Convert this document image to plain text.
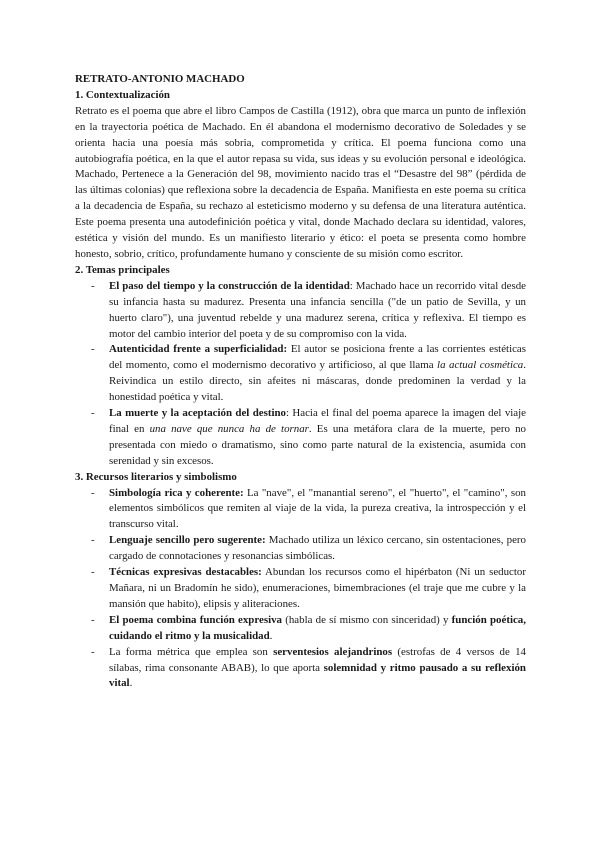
RETRATO-ANTONIO MACHADO

1. Contextualización

Retrato es el poema que abre el libro Campos de Castilla (1912), obra que marca un punto de inflexión en la trayectoria poética de Machado. En él abandona el modernismo decorativo de Soledades y se orienta hacia una poesía más sobria, comprometida y crítica. El poema funciona como una autobiografía poética, en la que el autor repasa su vida, sus ideas y su evolución personal e ideológica. Machado, Pertenece a la Generación del 98, movimiento nacido tras el “Desastre del 98” (pérdida de las últimas colonias) que reflexiona sobre la decadencia de España. Manifiesta en este poema su crítica a la decadencia de España, su rechazo al esteticismo moderno y su defensa de una literatura auténtica. Este poema presenta una autodefinición poética y vital, donde Machado declara su identidad, valores, estética y visión del mundo. Es un manifiesto literario y ético: el poeta se presenta como hombre honesto, sobrio, crítico, profundamente humano y consciente de su misión como escritor.

2. Temas principales

- El paso del tiempo y la construcción de la identidad: Machado hace un recorrido vital desde su infancia hasta su madurez. Presenta una infancia sencilla ("de un patio de Sevilla, y un huerto claro"), una juventud rebelde y una madurez serena, crítica y reflexiva. El tiempo es motor del cambio interior del poeta y de su compromiso con la vida.
- Autenticidad frente a superficialidad: El autor se posiciona frente a las corrientes estéticas del momento, como el modernismo decorativo y artificioso, al que llama la actual cosmética. Reivindica un estilo directo, sin afeites ni máscaras, donde predominen la verdad y la honestidad poética y vital.
- La muerte y la aceptación del destino: Hacia el final del poema aparece la imagen del viaje final en una nave que nunca ha de tornar. Es una metáfora clara de la muerte, pero no presentada con miedo o dramatismo, sino como parte natural de la existencia, asumida con serenidad y sin excesos.

3. Recursos literarios y simbolismo

- Simbología rica y coherente: La "nave", el "manantial sereno", el "huerto", el "camino", son elementos simbólicos que remiten al viaje de la vida, la pureza creativa, la introspección y el transcurso vital.
- Lenguaje sencillo pero sugerente: Machado utiliza un léxico cercano, sin ostentaciones, pero cargado de connotaciones y resonancias simbólicas.
- Técnicas expresivas destacables: Abundan los recursos como el hipérbaton (Ni un seductor Mañara, ni un Bradomín he sido), enumeraciones, bimembraciones (el traje que me cubre y la mansión que habito), elipsis y aliteraciones.
- El poema combina función expresiva (habla de sí mismo con sinceridad) y función poética, cuidando el ritmo y la musicalidad.
- La forma métrica que emplea son serventesios alejandrinos (estrofas de 4 versos de 14 sílabas, rima consonante ABAB), lo que aporta solemnidad y ritmo pausado a su reflexión vital.
